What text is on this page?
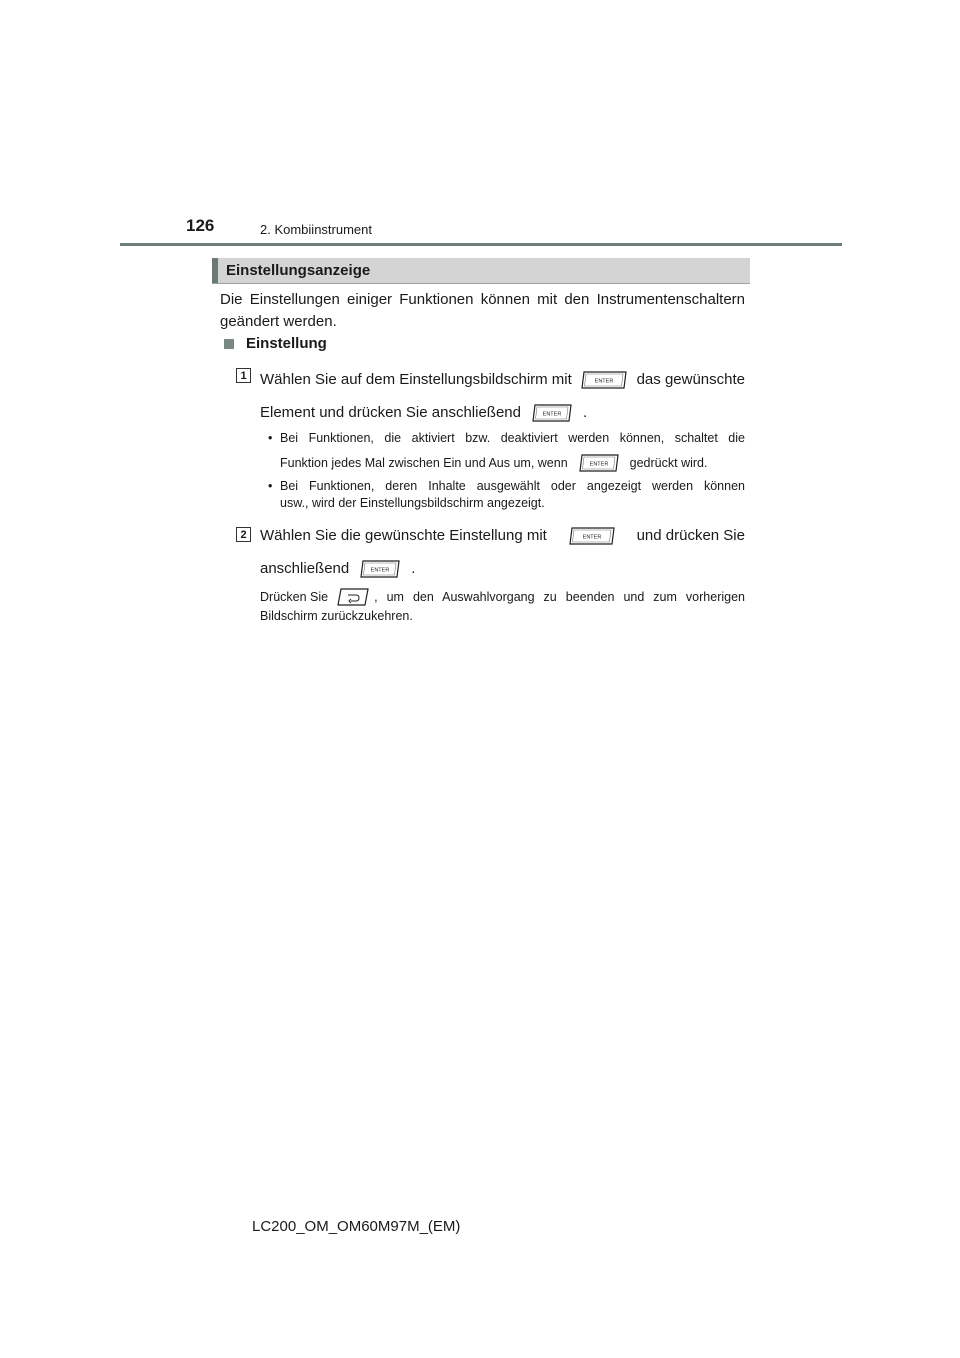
126	2. Kombiinstrument
Einstellungsanzeige
Die Einstellungen einiger Funktionen können mit den Instrumentenschaltern
geändert werden.
Einstellung
1 Wählen Sie auf dem Einstellungsbildschirm mit	ENTER das gewünschte
Element und drücken Sie anschließend	ENTER .
• Bei Funktionen, die aktiviert bzw. deaktiviert werden können, schaltet die
Funktion jedes Mal zwischen Ein und Aus um, wenn	ENTER gedrückt wird.
• Bei Funktionen, deren Inhalte ausgewählt oder angezeigt werden können
usw., wird der Einstellungsbildschirm angezeigt.
2 Wählen Sie die gewünschte Einstellung mit	ENTER und drücken Sie
anschließend	ENTER .
Drücken Sie	, um den Auswahlvorgang zu beenden und zum vorherigen
Bildschirm zurückzukehren.
LC200_OM_OM60M97M_(EM)
